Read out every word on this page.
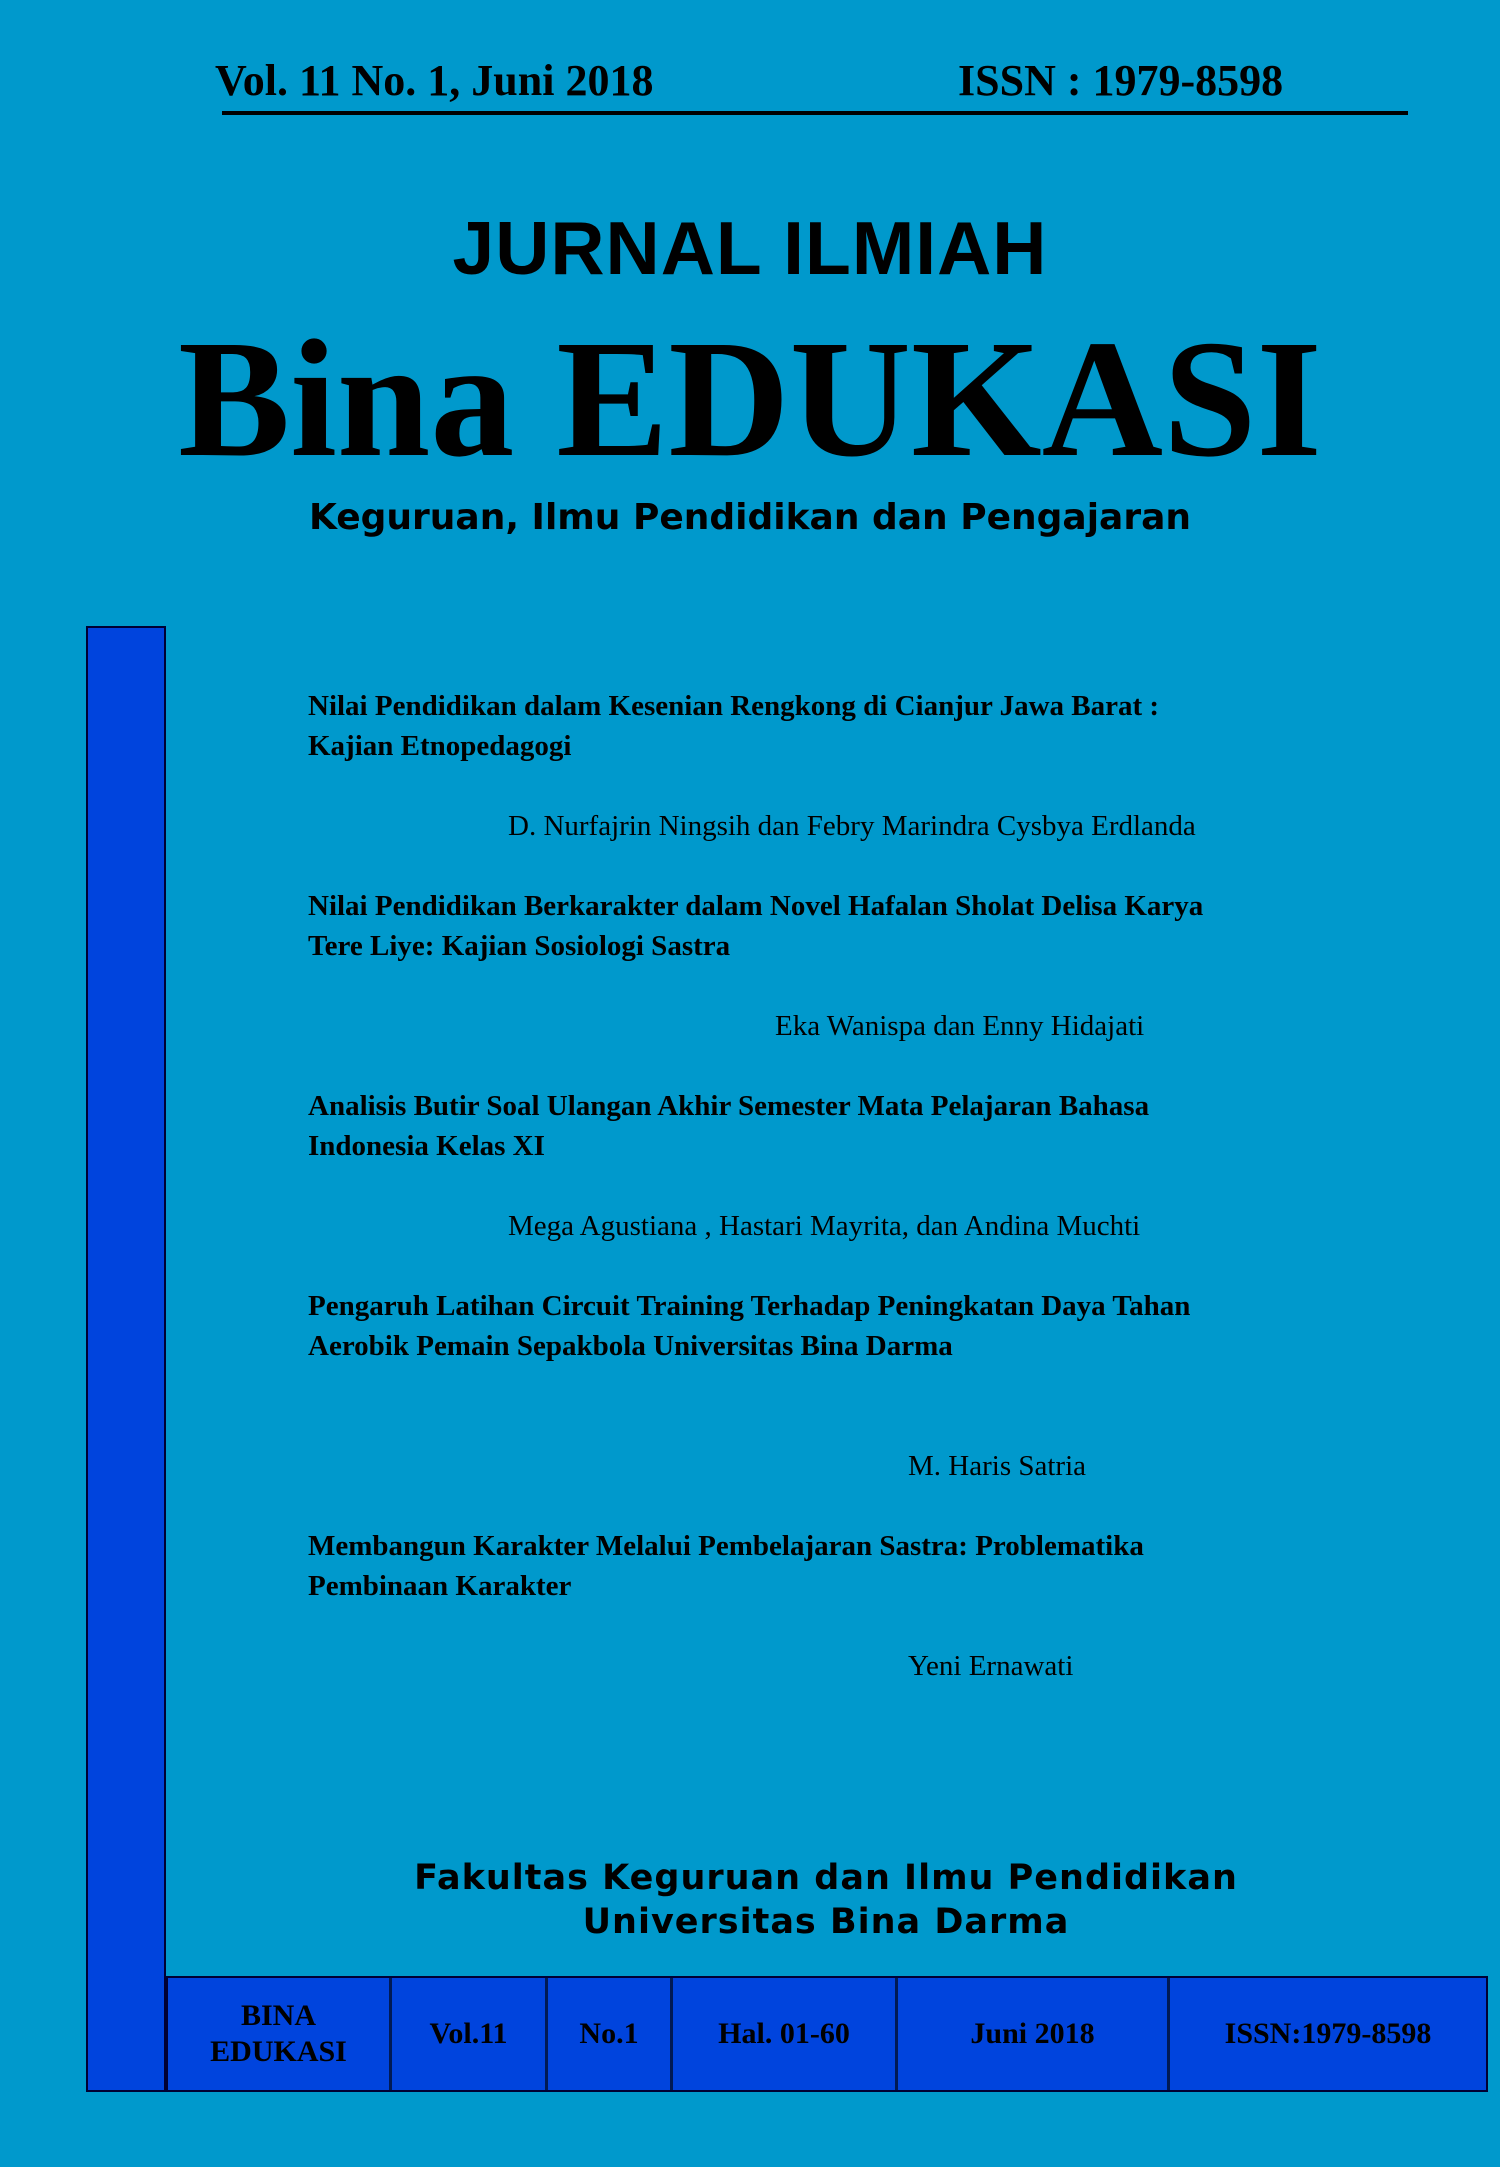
Vol. 11 No. 1, Juni 2018	ISSN : 1979-8598
JURNAL ILMIAH
Bina EDUKASI
Keguruan, Ilmu Pendidikan dan Pengajaran
Nilai Pendidikan dalam Kesenian Rengkong di Cianjur Jawa Barat :
Kajian Etnopedagogi
D. Nurfajrin Ningsih dan Febry Marindra Cysbya Erdlanda
Nilai Pendidikan Berkarakter dalam Novel Hafalan Sholat Delisa Karya
Tere Liye: Kajian Sosiologi Sastra
Eka Wanispa dan Enny Hidajati
Analisis Butir Soal Ulangan Akhir Semester Mata Pelajaran Bahasa
Indonesia Kelas XI
Mega Agustiana , Hastari Mayrita, dan Andina Muchti
Pengaruh Latihan Circuit Training Terhadap Peningkatan Daya Tahan
Aerobik Pemain Sepakbola Universitas Bina Darma
M. Haris Satria
Membangun Karakter Melalui Pembelajaran Sastra: Problematika
Pembinaan Karakter
Yeni Ernawati
Fakultas Keguruan dan Ilmu Pendidikan
Universitas Bina Darma
BINA
EDUKASI
Vol.11	No.1	Hal. 01-60	Juni 2018	ISSN:1979-8598
